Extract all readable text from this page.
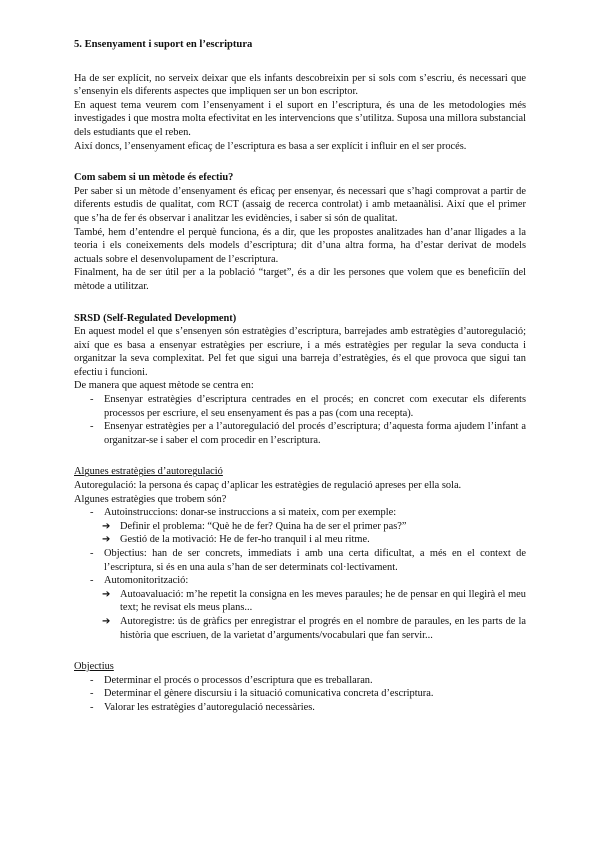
5. Ensenyament i suport en l’escriptura

Ha de ser explícit, no serveix deixar que els infants descobreixin per si sols com s’escriu, és necessari que s’ensenyin els diferents aspectes que impliquen ser un bon escriptor.

En aquest tema veurem com l’ensenyament i el suport en l’escriptura, és una de les metodologies més investigades i que mostra molta efectivitat en les intervencions que s’utilitza. Suposa una millora substancial dels estudiants que el reben.

Així doncs, l’ensenyament eficaç de l’escriptura es basa a ser explícit i influir en el ser procés.

Com sabem si un mètode és efectiu?

Per saber si un mètode d’ensenyament és eficaç per ensenyar, és necessari que s’hagi comprovat a partir de diferents estudis de qualitat, com RCT (assaig de recerca controlat) i amb metaanàlisi. Així que el primer que s’ha de fer és observar i analitzar les evidències, i saber si són de qualitat.

També, hem d’entendre el perquè funciona, és a dir, que les propostes analitzades han d’anar lligades a la teoria i els coneixements dels models d’escriptura; dit d’una altra forma, ha d’estar derivat de models actuals sobre el desenvolupament de l’escriptura.

Finalment, ha de ser útil per a la població “target”, és a dir les persones que volem que es beneficiïn del mètode a utilitzar.

SRSD (Self-Regulated Development)

En aquest model el que s’ensenyen són estratègies d’escriptura, barrejades amb estratègies d’autoregulació; així que es basa a ensenyar estratègies per escriure, i a més estratègies per regular la seva conducta i organitzar la seva complexitat. Pel fet que sigui una barreja d’estratègies, és el que provoca que sigui tan efectiu i funcioni.

De manera que aquest mètode se centra en:

- Ensenyar estratègies d’escriptura centrades en el procés; en concret com executar els diferents processos per escriure, el seu ensenyament és pas a pas (com una recepta).
- Ensenyar estratègies per a l’autoregulació del procés d’escriptura; d’aquesta forma ajudem l’infant a organitzar-se i saber el com procedir en l’escriptura.

Algunes estratègies d’autoregulació

Autoregulació: la persona és capaç d’aplicar les estratègies de regulació apreses per ella sola.

Algunes estratègies que trobem són?

- Autoinstruccions: donar-se instruccions a si mateix, com per exemple:
➔ Definir el problema: “Què he de fer? Quina ha de ser el primer pas?”
➔ Gestió de la motivació: He de fer-ho tranquil i al meu ritme.
- Objectius: han de ser concrets, immediats i amb una certa dificultat, a més en el context de l’escriptura, si és en una aula s’han de ser determinats col·lectivament.
- Automonitorització:
➔ Autoavaluació: m’he repetit la consigna en les meves paraules; he de pensar en qui llegirà el meu text; he revisat els meus plans...
➔ Autoregistre: ús de gràfics per enregistrar el progrés en el nombre de paraules, en les parts de la història que escriuen, de la varietat d’arguments/vocabulari que fan servir...

Objectius

- Determinar el procés o processos d’escriptura que es treballaran.
- Determinar el gènere discursiu i la situació comunicativa concreta d’escriptura.
- Valorar les estratègies d’autoregulació necessàries.
